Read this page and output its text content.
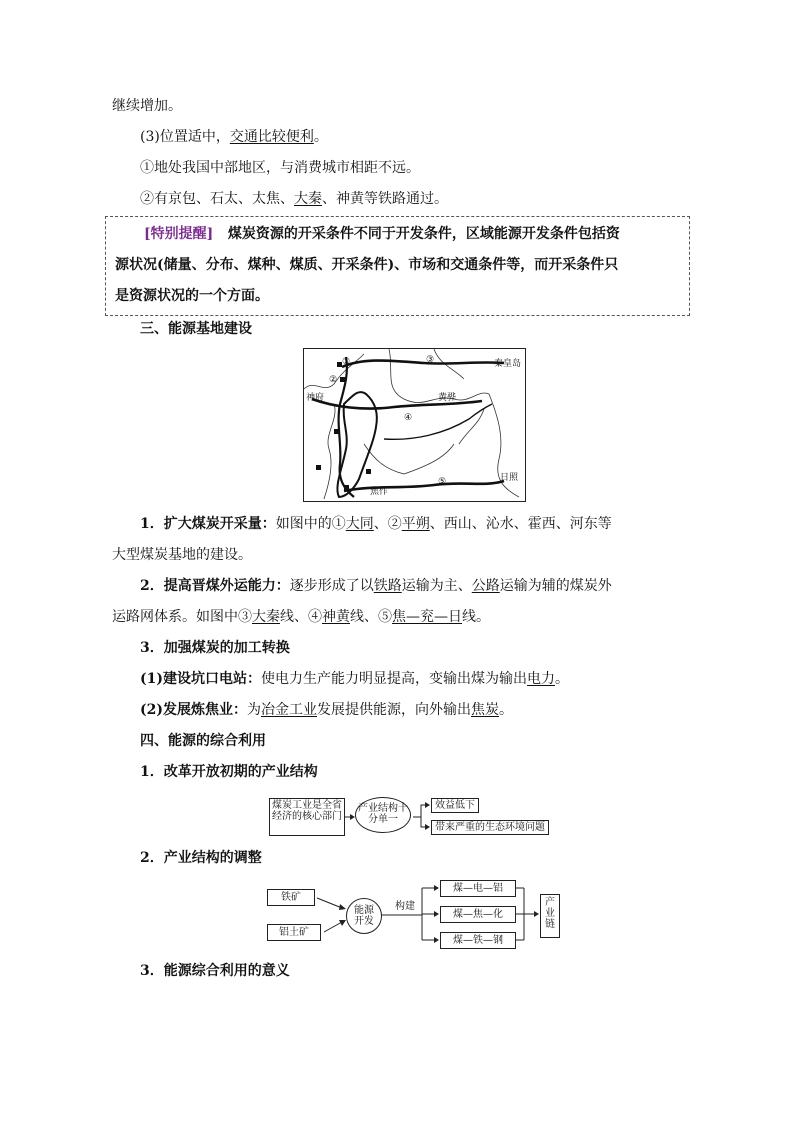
继续增加。
(3)位置适中，交通比较便利。
①地处我国中部地区，与消费城市相距不远。
②有京包、石太、太焦、大秦、神黄等铁路通过。
[特别提醒] 煤炭资源的开采条件不同于开发条件，区域能源开发条件包括资
源状况(储量、分布、煤种、煤质、开采条件)、市场和交通条件等，而开采条件只
是资源状况的一个方面。
三、能源基地建设
①	③	秦皇岛
②
神府	黄骅
④
⑤	日照
焦作
1．扩大煤炭开采量：如图中的①大同、②平朔、西山、沁水、霍西、河东等
大型煤炭基地的建设。
2．提高晋煤外运能力：逐步形成了以铁路运输为主、公路运输为辅的煤炭外
运路网体系。如图中③大秦线、④神黄线、⑤焦—兖—日线。
3．加强煤炭的加工转换
(1)建设坑口电站：使电力生产能力明显提高，变输出煤为输出电力。
(2)发展炼焦业：为冶金工业发展提供能源，向外输出焦炭。
四、能源的综合利用
1．改革开放初期的产业结构
煤炭工业是全省经济的核心部门
产业结构十分单一
效益低下
带来严重的生态环境问题
2．产业结构的调整
铁矿
铝土矿
能源开发
构建
煤—电—铝
煤—焦—化
煤—铁—钢
产业链
3．能源综合利用的意义
